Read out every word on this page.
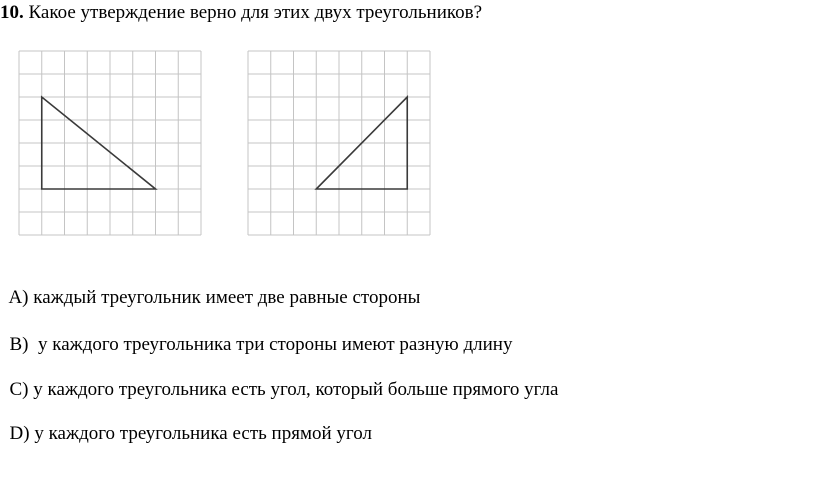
10. Какое утверждение верно для этих двух треугольников?

A) каждый треугольник имеет две равные стороны

B)  у каждого треугольника три стороны имеют разную длину

C) у каждого треугольника есть угол, который больше прямого угла

D) у каждого треугольника есть прямой угол
